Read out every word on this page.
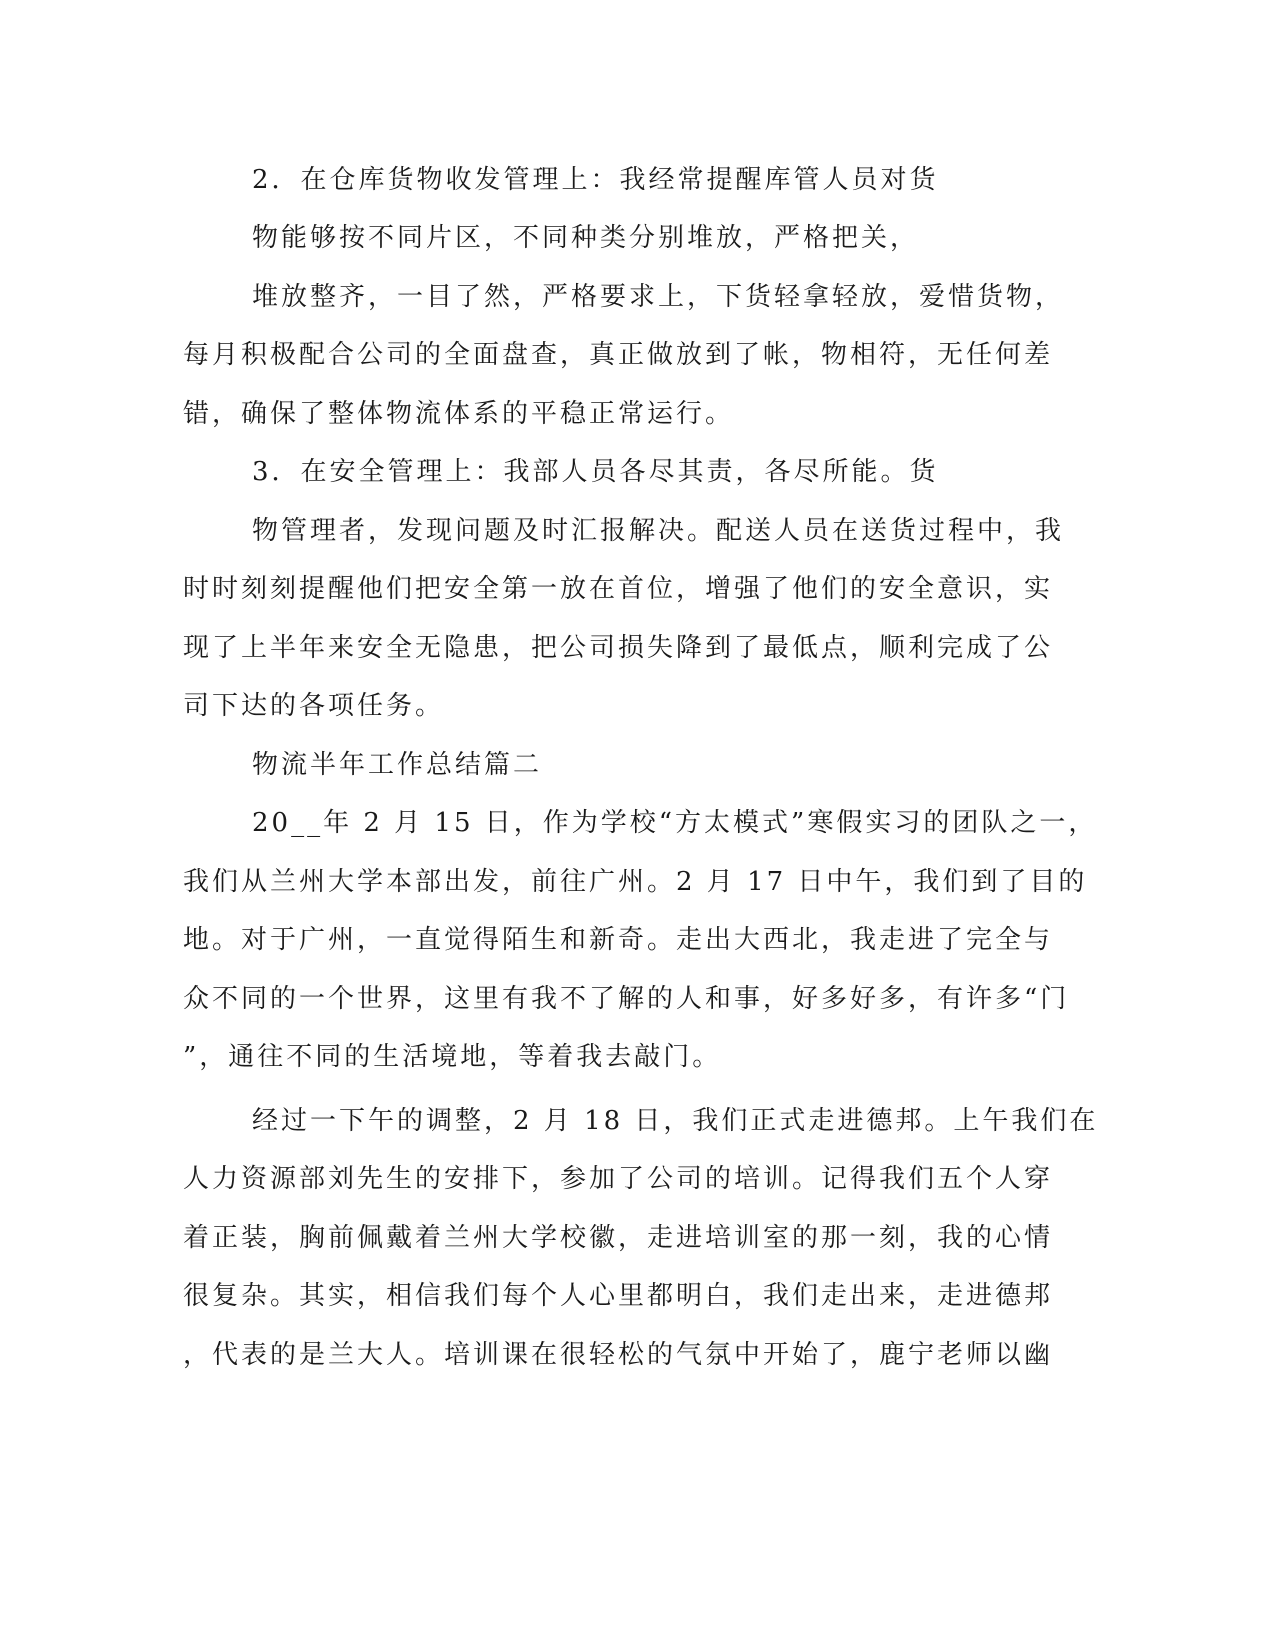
2．在仓库货物收发管理上：我经常提醒库管人员对货
物能够按不同片区，不同种类分别堆放，严格把关，
堆放整齐，一目了然，严格要求上，下货轻拿轻放，爱惜货物，
每月积极配合公司的全面盘查，真正做放到了帐，物相符，无任何差
错，确保了整体物流体系的平稳正常运行。
3．在安全管理上：我部人员各尽其责，各尽所能。货
物管理者，发现问题及时汇报解决。配送人员在送货过程中，我
时时刻刻提醒他们把安全第一放在首位，增强了他们的安全意识，实
现了上半年来安全无隐患，把公司损失降到了最低点，顺利完成了公
司下达的各项任务。
物流半年工作总结篇二
20__年 2 月 15 日，作为学校“方太模式”寒假实习的团队之一，
我们从兰州大学本部出发，前往广州。2 月 17 日中午，我们到了目的
地。对于广州，一直觉得陌生和新奇。走出大西北，我走进了完全与
众不同的一个世界，这里有我不了解的人和事，好多好多，有许多“门
”，通往不同的生活境地，等着我去敲门。
经过一下午的调整，2 月 18 日，我们正式走进德邦。上午我们在
人力资源部刘先生的安排下，参加了公司的培训。记得我们五个人穿
着正装，胸前佩戴着兰州大学校徽，走进培训室的那一刻，我的心情
很复杂。其实，相信我们每个人心里都明白，我们走出来，走进德邦
，代表的是兰大人。培训课在很轻松的气氛中开始了，鹿宁老师以幽
